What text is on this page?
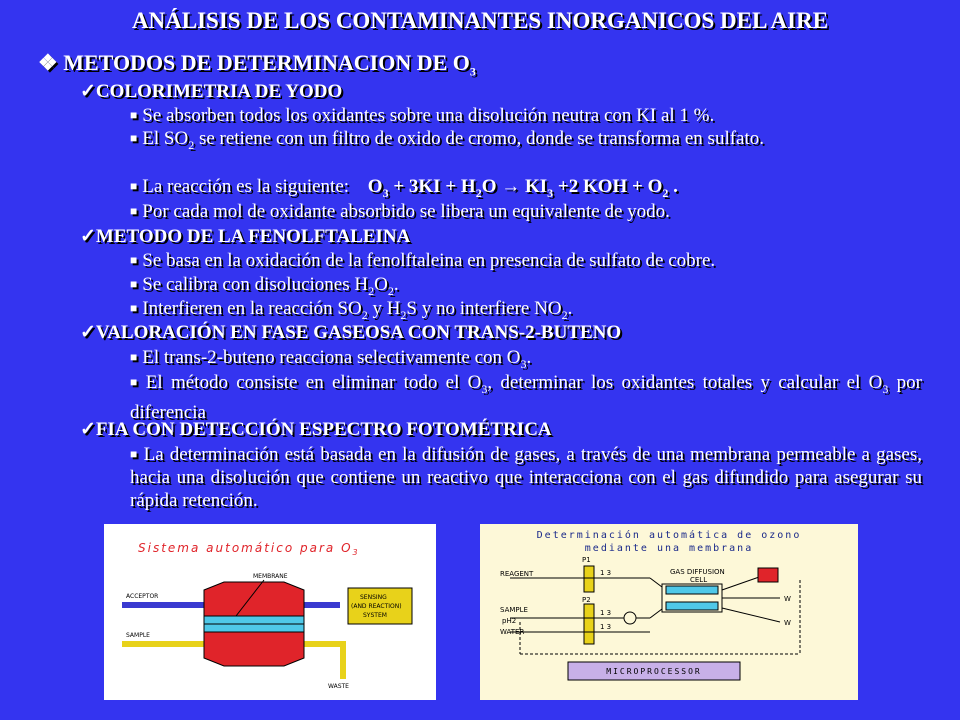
ANÁLISIS DE LOS CONTAMINANTES INORGANICOS DEL AIRE
❖ METODOS DE DETERMINACION DE $O_3$
✓COLORIMETRIA DE YODO
■ Se absorben todos los oxidantes sobre una disolución neutra con KI al 1 %.
■ El $SO_2$ se retiene con un filtro de oxido de cromo, donde se transforma en sulfato.
■ La reacción es la siguiente: $O_3 + 3KI + H_2O \to KI_3 +2$ KOH + $O_2$ .
■ Por cada mol de oxidante absorbido se libera un equivalente de yodo.
✓METODO DE LA FENOLFTALEINA
■ Se basa en la oxidación de la fenolftaleina en presencia de sulfato de cobre.
■ Se calibra con disoluciones $H_2O_2$.
■ Interfieren en la reacción $SO_2$ y $H_2S$ y no interfiere $NO_2$.
✓VALORACIÓN EN FASE GASEOSA CON TRANS-2-BUTENO
■ El trans-2-buteno reacciona selectivamente con $O_3$.
■ El método consiste en eliminar todo el $O_3$, determinar los oxidantes totales y calcular el $O_3$ por diferencia
✓FIA CON DETECCIÓN ESPECTRO FOTOMÉTRICA
■ La determinación está basada en la difusión de gases, a través de una membrana permeable a gases, hacia una disolución que contiene un reactivo que interacciona con el gas difundido para asegurar su rápida retención.
Sistema automático para $O_3$
MEMBRANE
ACCEPTOR
SAMPLE
WASTE
SENSING
(AND REACTION)
SYSTEM
Determinación automática de ozono
mediante una membrana
REAGENT
SAMPLE
pH2
WATER
P1
P2
1 3
1 3
1 3
GAS DIFFUSION
CELL
W
W
MICROPROCESSOR
